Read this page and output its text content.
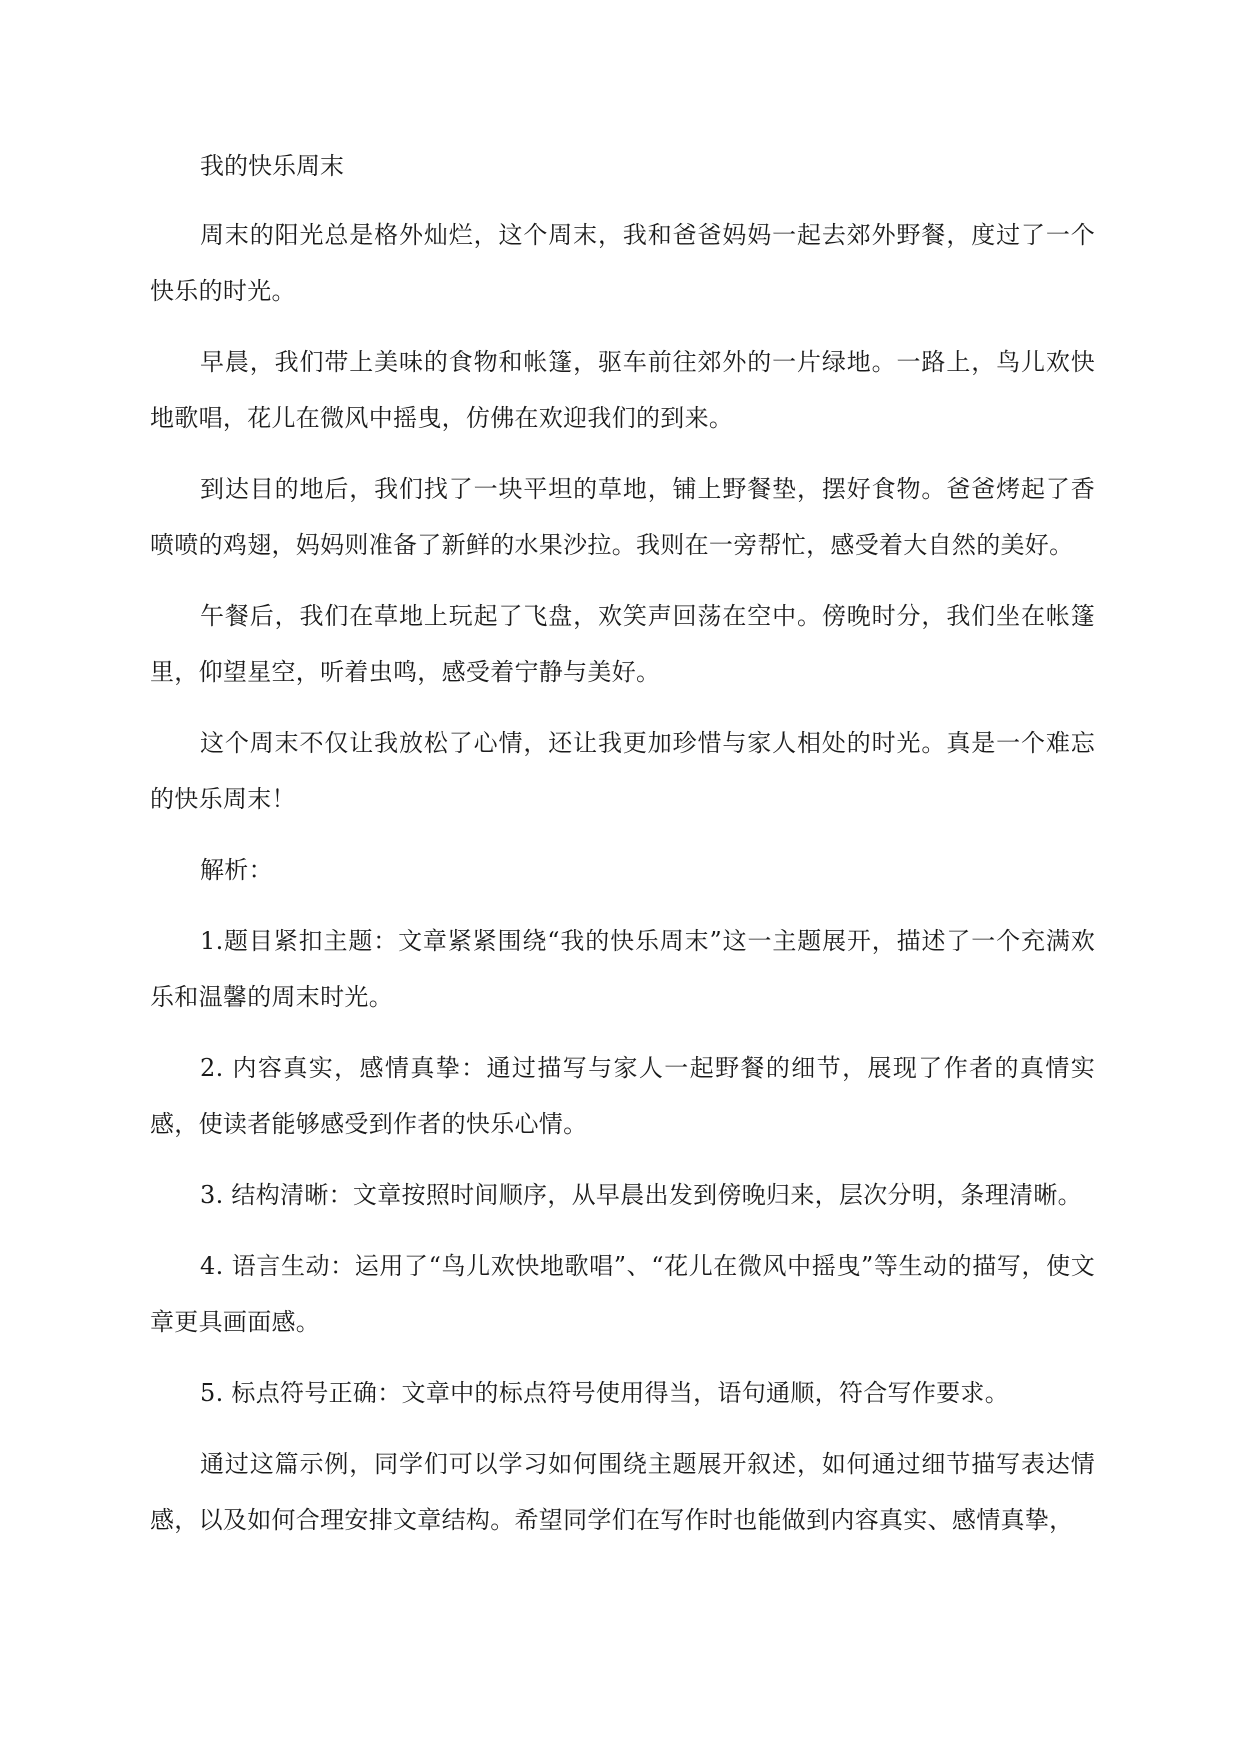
我的快乐周末

周末的阳光总是格外灿烂，这个周末，我和爸爸妈妈一起去郊外野餐，度过了一个快乐的时光。

早晨，我们带上美味的食物和帐篷，驱车前往郊外的一片绿地。一路上，鸟儿欢快地歌唱，花儿在微风中摇曳，仿佛在欢迎我们的到来。

到达目的地后，我们找了一块平坦的草地，铺上野餐垫，摆好食物。爸爸烤起了香喷喷的鸡翅，妈妈则准备了新鲜的水果沙拉。我则在一旁帮忙，感受着大自然的美好。

午餐后，我们在草地上玩起了飞盘，欢笑声回荡在空中。傍晚时分，我们坐在帐篷里，仰望星空，听着虫鸣，感受着宁静与美好。

这个周末不仅让我放松了心情，还让我更加珍惜与家人相处的时光。真是一个难忘的快乐周末！

解析：

1.题目紧扣主题：文章紧紧围绕“我的快乐周末”这一主题展开，描述了一个充满欢乐和温馨的周末时光。

2. 内容真实，感情真挚：通过描写与家人一起野餐的细节，展现了作者的真情实感，使读者能够感受到作者的快乐心情。

3. 结构清晰：文章按照时间顺序，从早晨出发到傍晚归来，层次分明，条理清晰。

4. 语言生动：运用了“鸟儿欢快地歌唱”、“花儿在微风中摇曳”等生动的描写，使文章更具画面感。

5. 标点符号正确：文章中的标点符号使用得当，语句通顺，符合写作要求。

通过这篇示例，同学们可以学习如何围绕主题展开叙述，如何通过细节描写表达情感，以及如何合理安排文章结构。希望同学们在写作时也能做到内容真实、感情真挚，
